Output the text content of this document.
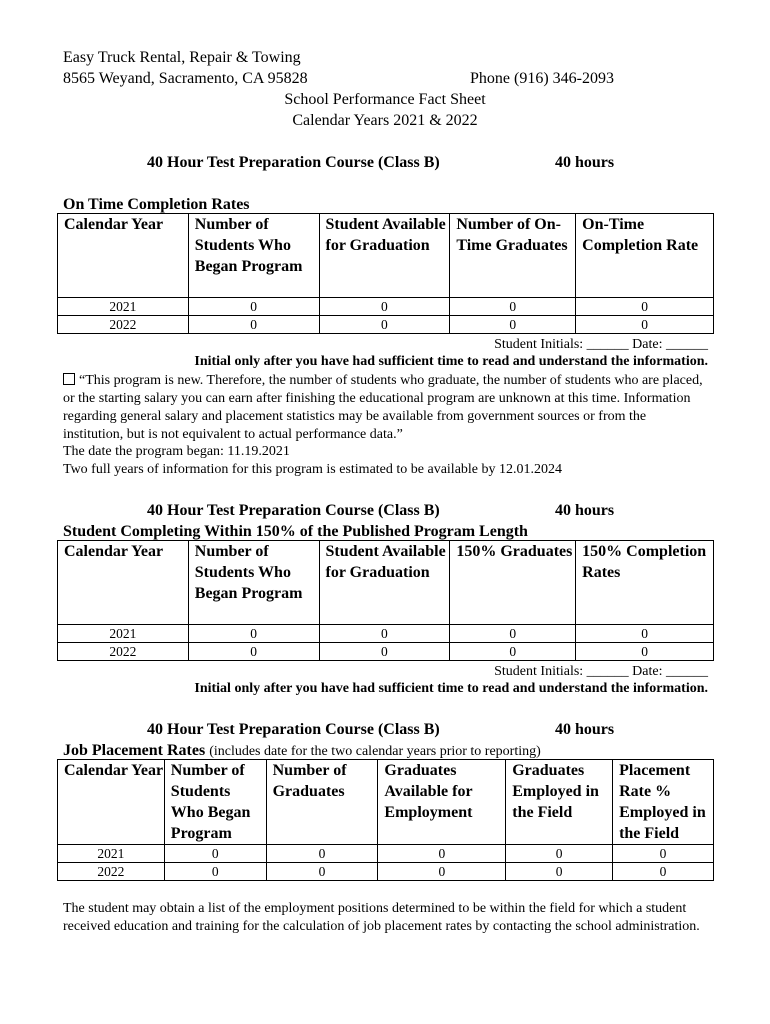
Easy Truck Rental, Repair & Towing
8565 Weyand, Sacramento, CA 95828	Phone (916) 346-2093
School Performance Fact Sheet
Calendar Years 2021 & 2022
40 Hour Test Preparation Course (Class B)	40 hours
On Time Completion Rates
Calendar Year	Number of Students Who Began Program	Student Available for Graduation	Number of On-Time Graduates	On-Time Completion Rate
2021	0	0	0	0
2022	0	0	0	0
Student Initials: ______ Date: ______
Initial only after you have had sufficient time to read and understand the information.
“This program is new. Therefore, the number of students who graduate, the number of students who are placed, or the starting salary you can earn after finishing the educational program are unknown at this time. Information regarding general salary and placement statistics may be available from government sources or from the institution, but is not equivalent to actual performance data.”
The date the program began: 11.19.2021
Two full years of information for this program is estimated to be available by 12.01.2024
40 Hour Test Preparation Course (Class B)	40 hours
Student Completing Within 150% of the Published Program Length
Calendar Year	Number of Students Who Began Program	Student Available for Graduation	150% Graduates	150% Completion Rates
2021	0	0	0	0
2022	0	0	0	0
Student Initials: ______ Date: ______
Initial only after you have had sufficient time to read and understand the information.
40 Hour Test Preparation Course (Class B)	40 hours
Job Placement Rates (includes date for the two calendar years prior to reporting)
Calendar Year	Number of Students Who Began Program	Number of Graduates	Graduates Available for Employment	Graduates Employed in the Field	Placement Rate % Employed in the Field
2021	0	0	0	0	0
2022	0	0	0	0	0
The student may obtain a list of the employment positions determined to be within the field for which a student received education and training for the calculation of job placement rates by contacting the school administration.
